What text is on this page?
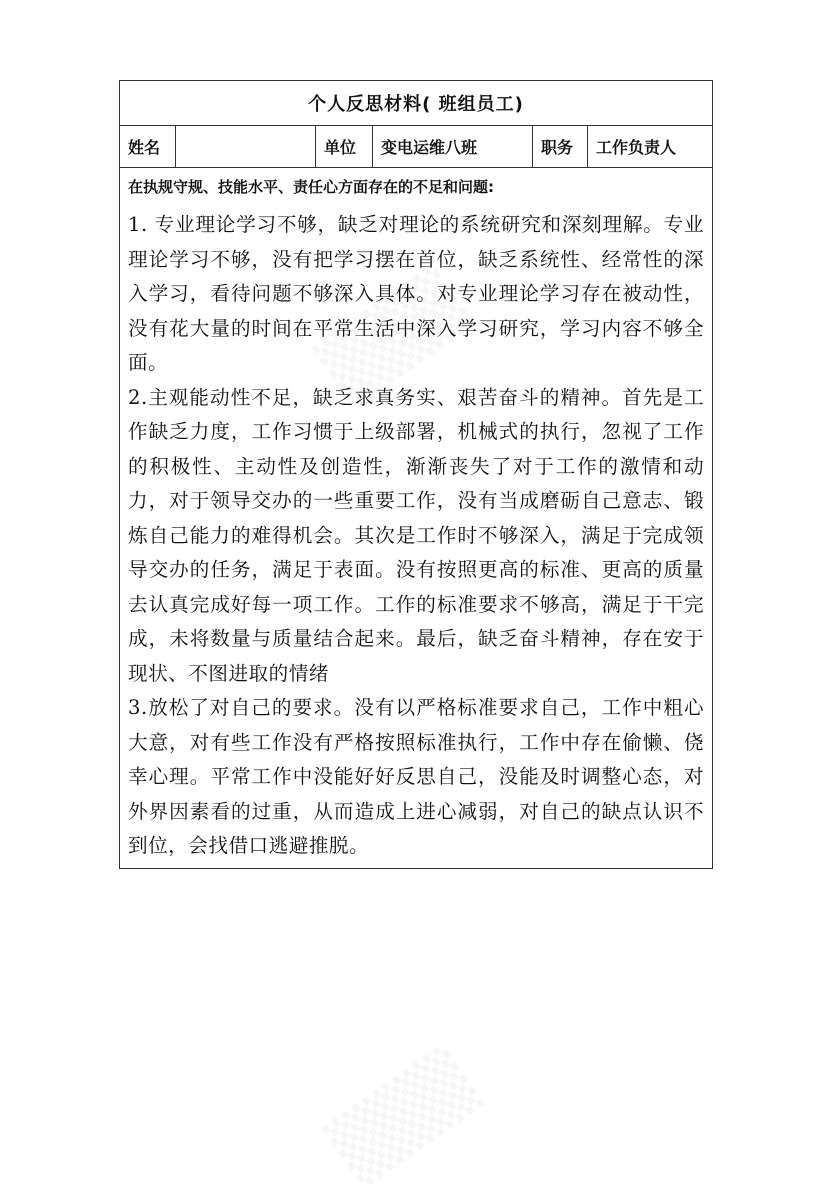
个人反思材料( 班组员工)
姓名		单位	变电运维八班	职务	工作负责人

在执规守规、技能水平、责任心方面存在的不足和问题:

1. 专业理论学习不够，缺乏对理论的系统研究和深刻理解。专业理论学习不够，没有把学习摆在首位，缺乏系统性、经常性的深入学习，看待问题不够深入具体。对专业理论学习存在被动性，没有花大量的时间在平常生活中深入学习研究，学习内容不够全面。

2.主观能动性不足，缺乏求真务实、艰苦奋斗的精神。首先是工作缺乏力度，工作习惯于上级部署，机械式的执行，忽视了工作的积极性、主动性及创造性，渐渐丧失了对于工作的激情和动力，对于领导交办的一些重要工作，没有当成磨砺自己意志、锻炼自己能力的难得机会。其次是工作时不够深入，满足于完成领导交办的任务，满足于表面。没有按照更高的标准、更高的质量去认真完成好每一项工作。工作的标准要求不够高，满足于干完成，未将数量与质量结合起来。最后，缺乏奋斗精神，存在安于现状、不图进取的情绪

3.放松了对自己的要求。没有以严格标准要求自己，工作中粗心大意，对有些工作没有严格按照标准执行，工作中存在偷懒、侥幸心理。平常工作中没能好好反思自己，没能及时调整心态，对外界因素看的过重，从而造成上进心减弱，对自己的缺点认识不到位，会找借口逃避推脱。
